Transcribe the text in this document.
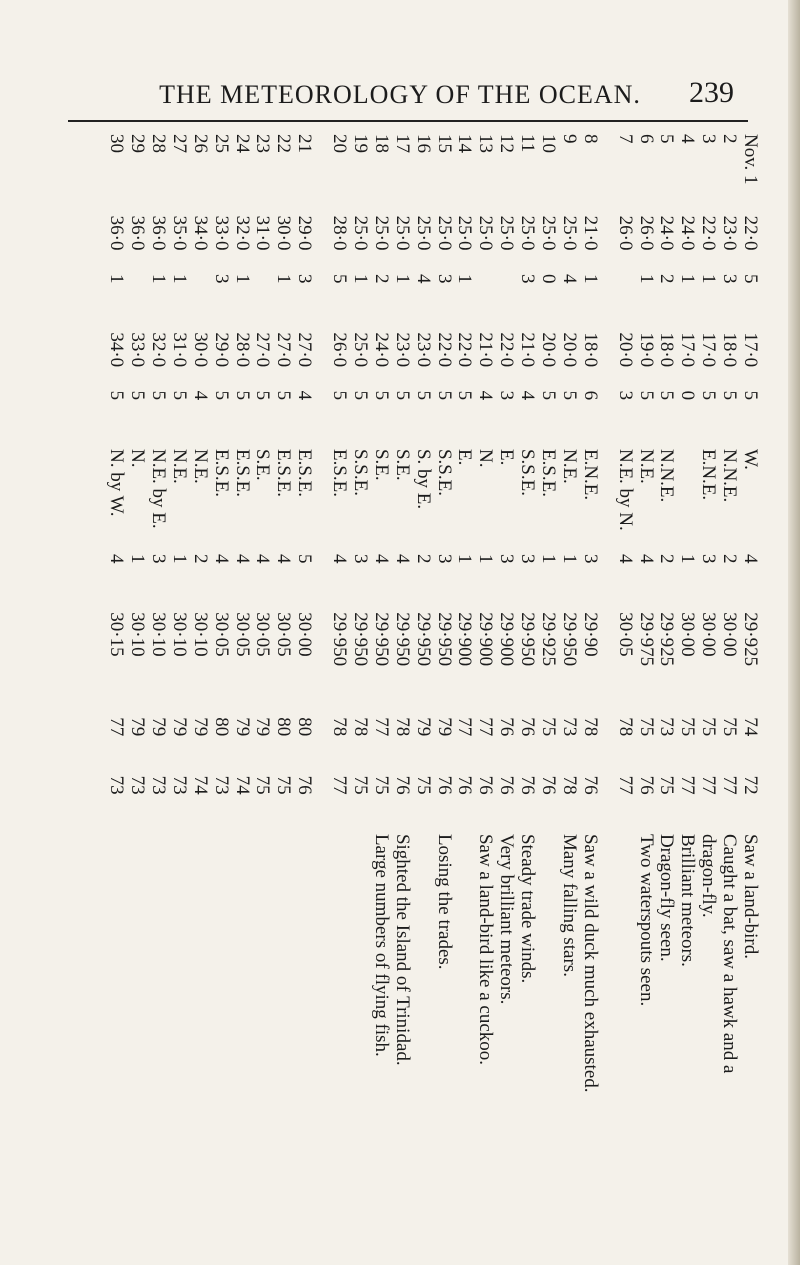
THE METEOROLOGY OF THE OCEAN.	239
Nov. 1	22·0	5	17·0	5	W.	4	29·925	74	72	Saw a land-bird.
2	23·0	3	18·0	5	N.N.E.	2	30·00	75	77	Caught a bat, saw a hawk and a
3	22·0	1	17·0	5	E.N.E.	3	30·00	75	77	dragon-fly.
4	24·0	1	17·0	0		1	30·00	75	77	Brilliant meteors.
5	24·0	2	18·0	5	N.N.E.	2	29·925	73	75	Dragon-fly seen.
6	26·0	1	19·0	5	N.E.	4	29·975	75	76	Two waterspouts seen.
7	26·0		20·0	3	N.E. by N.	4	30·05	78	77	

8	21·0	1	18·0	6	E.N.E.	3	29·90	78	76	Saw a wild duck much exhausted.
9	25·0	4	20·0	5	N.E.	1	29·950	73	78	Many falling stars.
10	25·0	0	20·0	5	E.S.E.	1	29·925	75	76	
11	25·0	3	21·0	4	S.S.E.	3	29·950	76	76	Steady trade winds.
12	25·0		22·0	3	E.	3	29·900	76	76	Very brilliant meteors.
13	25·0		21·0	4	N.	1	29·900	77	76	Saw a land-bird like a cuckoo.
14	25·0	1	22·0	5	E.	1	29·900	77	76	
15	25·0	3	22·0	5	S.S.E.	3	29·950	79	76	Losing the trades.
16	25·0	4	23·0	5	S. by E.	2	29·950	79	75	
17	25·0	1	23·0	5	S.E.	4	29·950	78	76	Sighted the Island of Trinidad.
18	25·0	2	24·0	5	S.E.	4	29·950	77	75	Large numbers of flying fish.
19	25·0	1	25·0	5	S.S.E.	3	29·950	78	75	
20	28·0	5	26·0	5	E.S.E.	4	29·950	78	77	

21	29·0	3	27·0	4	E.S.E.	5	30·00	80	76	
22	30·0	1	27·0	5	E.S.E.	4	30·05	80	75	
23	31·0		27·0	5	S.E.	4	30·05	79	75	
24	32·0	1	28·0	5	E.S.E.	4	30·05	79	74	
25	33·0	3	29·0	5	E.S.E.	4	30·05	80	73	
26	34·0		30·0	4	N.E.	2	30·10	79	74	
27	35·0	1	31·0	5	N.E.	1	30·10	79	73	
28	36·0	1	32·0	5	N.E. by E.	3	30·10	79	73	
29	36·0		33·0	5	N.	1	30·10	79	73	
30	36·0	1	34·0	5	N. by W.	4	30·15	77	73	
